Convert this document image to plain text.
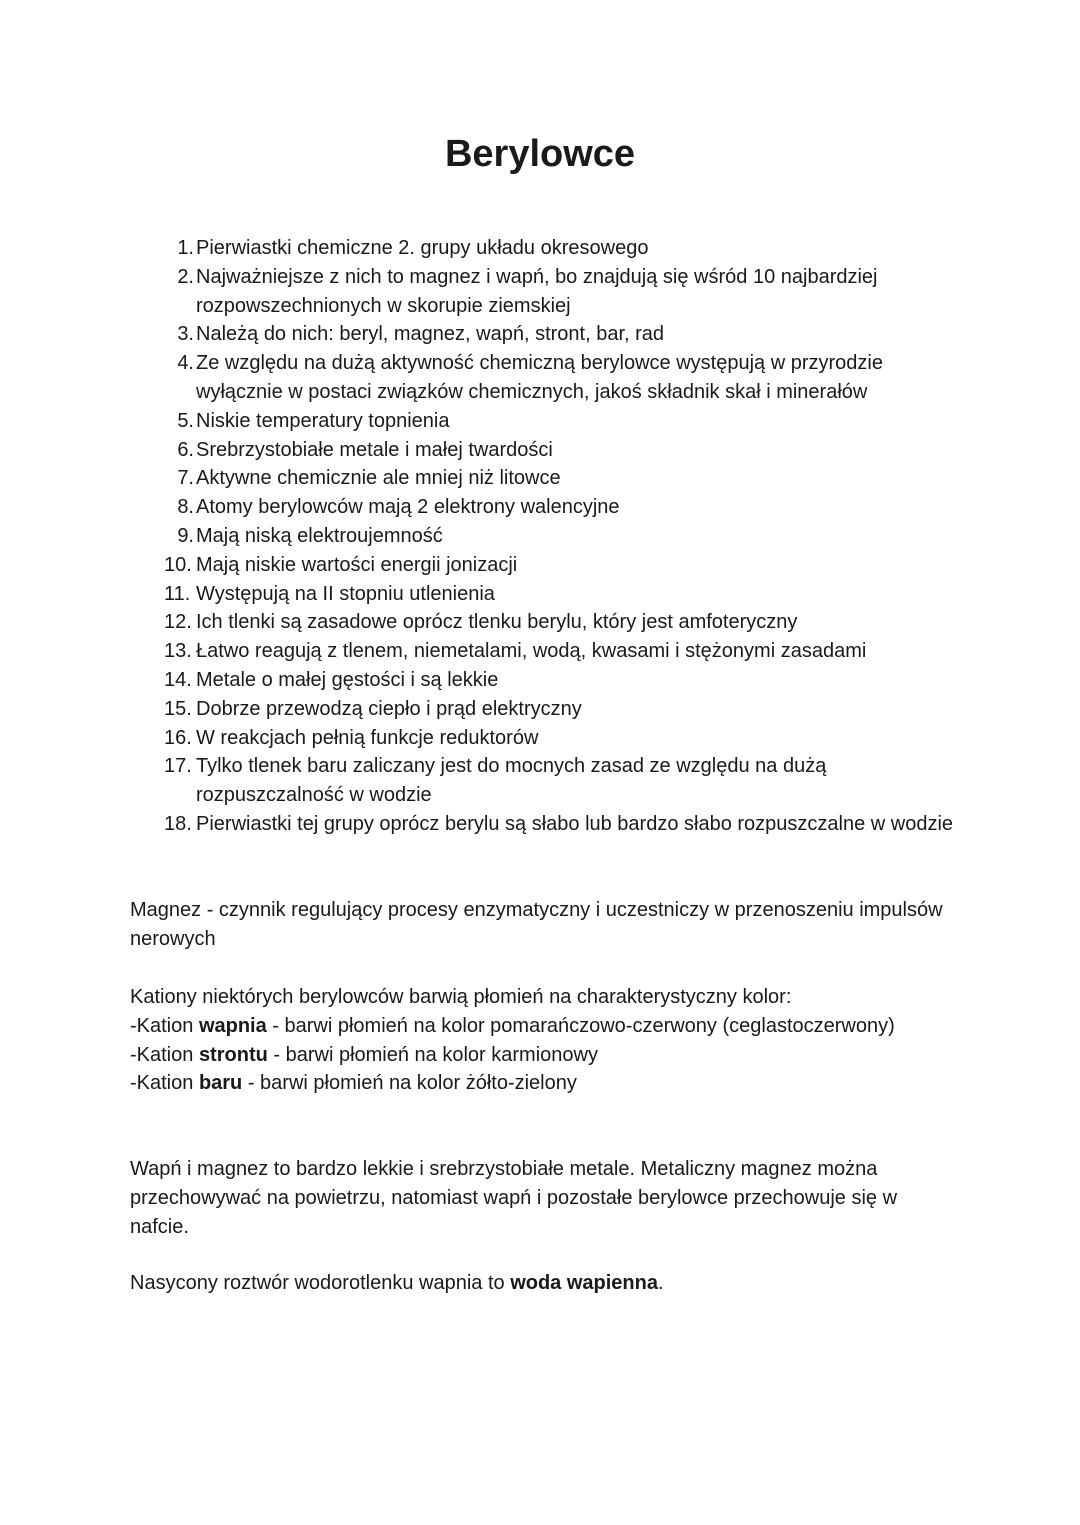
Berylowce
1. Pierwiastki chemiczne 2. grupy układu okresowego
2. Najważniejsze z nich to magnez i wapń, bo znajdują się wśród 10 najbardziej rozpowszechnionych w skorupie ziemskiej
3. Należą do nich: beryl, magnez, wapń, stront, bar, rad
4. Ze względu na dużą aktywność chemiczną berylowce występują w przyrodzie wyłącznie w postaci związków chemicznych, jakoś składnik skał i minerałów
5. Niskie temperatury topnienia
6. Srebrzystobiałe metale i małej twardości
7. Aktywne chemicznie ale mniej niż litowce
8. Atomy berylowców mają 2 elektrony walencyjne
9. Mają niską elektroujemność
10. Mają niskie wartości energii jonizacji
11. Występują na II stopniu utlenienia
12. Ich tlenki są zasadowe oprócz tlenku berylu, który jest amfoteryczny
13. Łatwo reagują z tlenem, niemetalami, wodą, kwasami i stężonymi zasadami
14. Metale o małej gęstości i są lekkie
15. Dobrze przewodzą ciepło i prąd elektryczny
16. W reakcjach pełnią funkcje reduktorów
17. Tylko tlenek baru zaliczany jest do mocnych zasad ze względu na dużą rozpuszczalność w wodzie
18. Pierwiastki tej grupy oprócz berylu są słabo lub bardzo słabo rozpuszczalne w wodzie

Magnez - czynnik regulujący procesy enzymatyczny i uczestniczy w przenoszeniu impulsów nerowych

Kationy niektórych berylowców barwią płomień na charakterystyczny kolor:
-Kation wapnia - barwi płomień na kolor pomarańczowo-czerwony (ceglastoczerwony)
-Kation strontu - barwi płomień na kolor karmionowy
-Kation baru - barwi płomień na kolor żółto-zielony

Wapń i magnez to bardzo lekkie i srebrzystobiałe metale. Metaliczny magnez można przechowywać na powietrzu, natomiast wapń i pozostałe berylowce przechowuje się w nafcie.

Nasycony roztwór wodorotlenku wapnia to woda wapienna.
